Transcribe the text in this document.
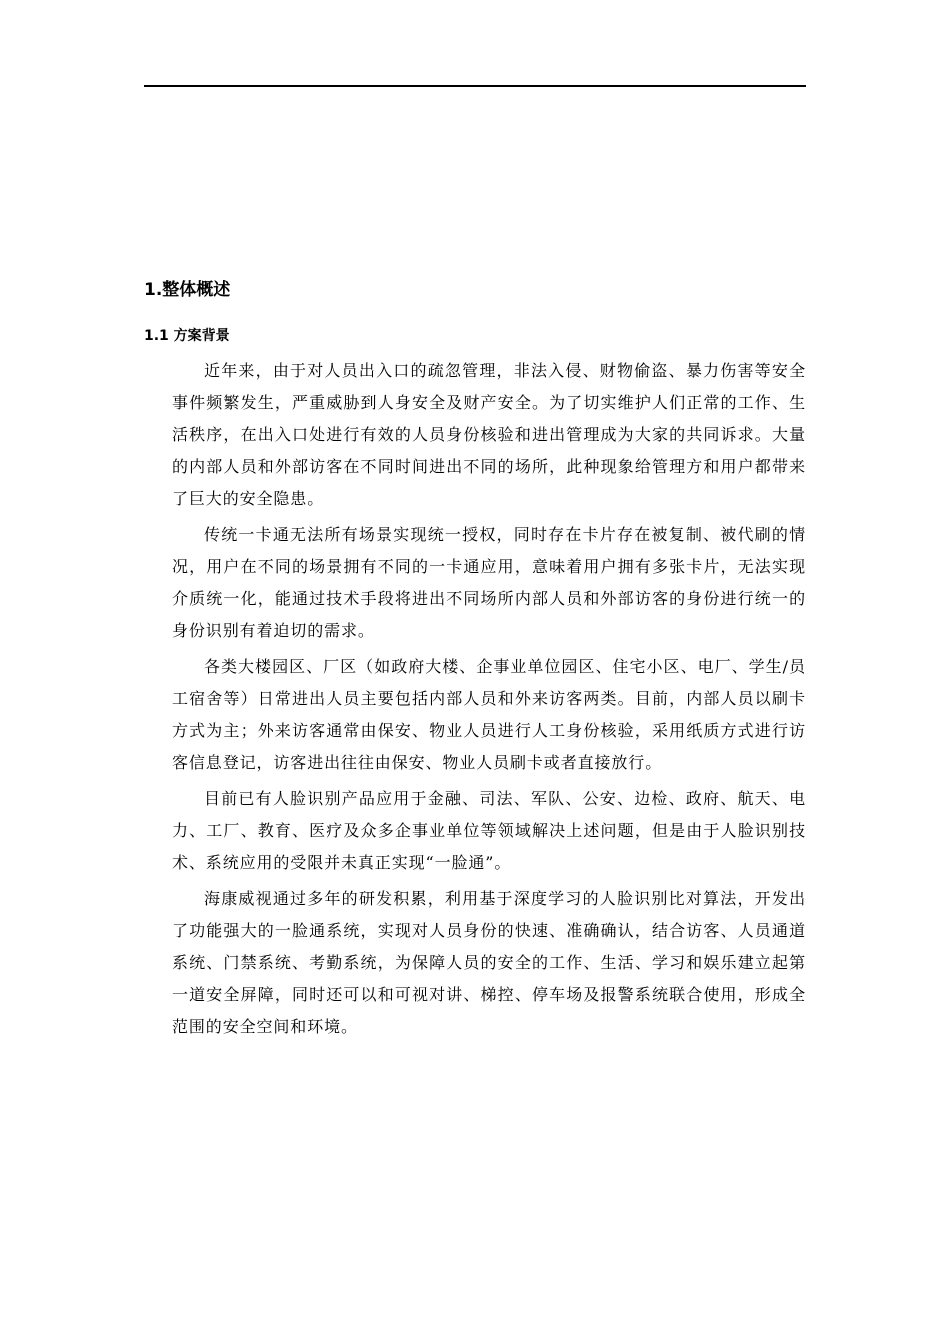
1.整体概述
1.1 方案背景

近年来，由于对人员出入口的疏忽管理，非法入侵、财物偷盗、暴力伤害等安全事件频繁发生，严重威胁到人身安全及财产安全。为了切实维护人们正常的工作、生活秩序，在出入口处进行有效的人员身份核验和进出管理成为大家的共同诉求。大量的内部人员和外部访客在不同时间进出不同的场所，此种现象给管理方和用户都带来了巨大的安全隐患。

传统一卡通无法所有场景实现统一授权，同时存在卡片存在被复制、被代刷的情况，用户在不同的场景拥有不同的一卡通应用，意味着用户拥有多张卡片，无法实现介质统一化，能通过技术手段将进出不同场所内部人员和外部访客的身份进行统一的身份识别有着迫切的需求。

各类大楼园区、厂区（如政府大楼、企事业单位园区、住宅小区、电厂、学生/员工宿舍等）日常进出人员主要包括内部人员和外来访客两类。目前，内部人员以刷卡方式为主；外来访客通常由保安、物业人员进行人工身份核验，采用纸质方式进行访客信息登记，访客进出往往由保安、物业人员刷卡或者直接放行。

目前已有人脸识别产品应用于金融、司法、军队、公安、边检、政府、航天、电力、工厂、教育、医疗及众多企事业单位等领域解决上述问题，但是由于人脸识别技术、系统应用的受限并未真正实现“一脸通”。

海康威视通过多年的研发积累，利用基于深度学习的人脸识别比对算法，开发出了功能强大的一脸通系统，实现对人员身份的快速、准确确认，结合访客、人员通道系统、门禁系统、考勤系统，为保障人员的安全的工作、生活、学习和娱乐建立起第一道安全屏障，同时还可以和可视对讲、梯控、停车场及报警系统联合使用，形成全范围的安全空间和环境。
